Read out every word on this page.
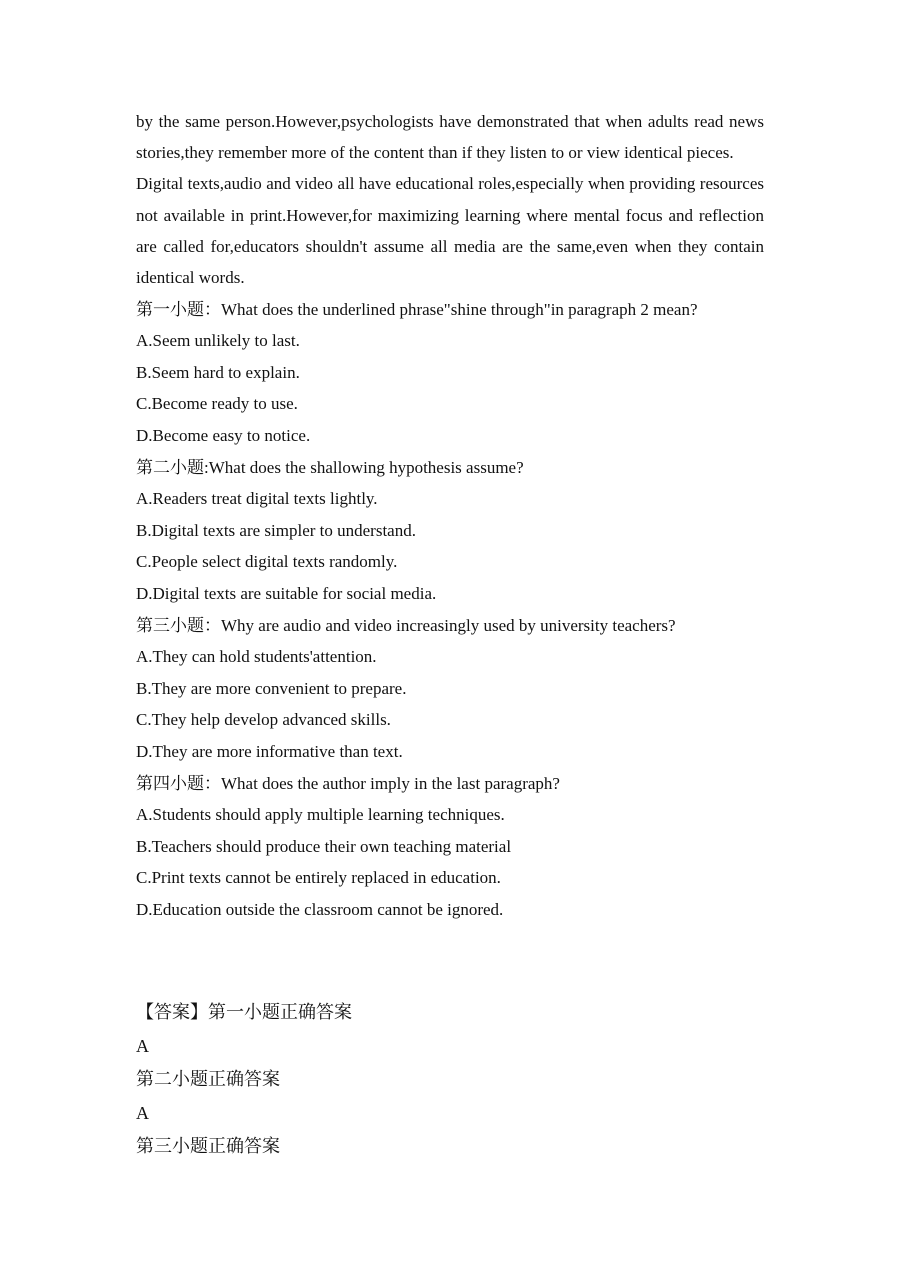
by the same person.However,psychologists have demonstrated that when adults read news stories,they remember more of the content than if they listen to or view identical pieces.

Digital texts,audio and video all have educational roles,especially when providing resources not available in print.However,for maximizing learning where mental focus and reflection are called for,educators shouldn't assume all media are the same,even when they contain identical words.

第一小题：What does the underlined phrase"shine through"in paragraph 2 mean?

A.Seem unlikely to last.

B.Seem hard to explain.

C.Become ready to use.

D.Become easy to notice.

第二小题:What does the shallowing hypothesis assume?

A.Readers treat digital texts lightly.

B.Digital texts are simpler to understand.

C.People select digital texts randomly.

D.Digital texts are suitable for social media.

第三小题：Why are audio and video increasingly used by university teachers?

A.They can hold students'attention.

B.They are more convenient to prepare.

C.They help develop advanced skills.

D.They are more informative than text.

第四小题：What does the author imply in the last paragraph?

A.Students should apply multiple learning techniques.

B.Teachers should produce their own teaching material

C.Print texts cannot be entirely replaced in education.

D.Education outside the classroom cannot be ignored.

【答案】第一小题正确答案

A

第二小题正确答案

A

第三小题正确答案
